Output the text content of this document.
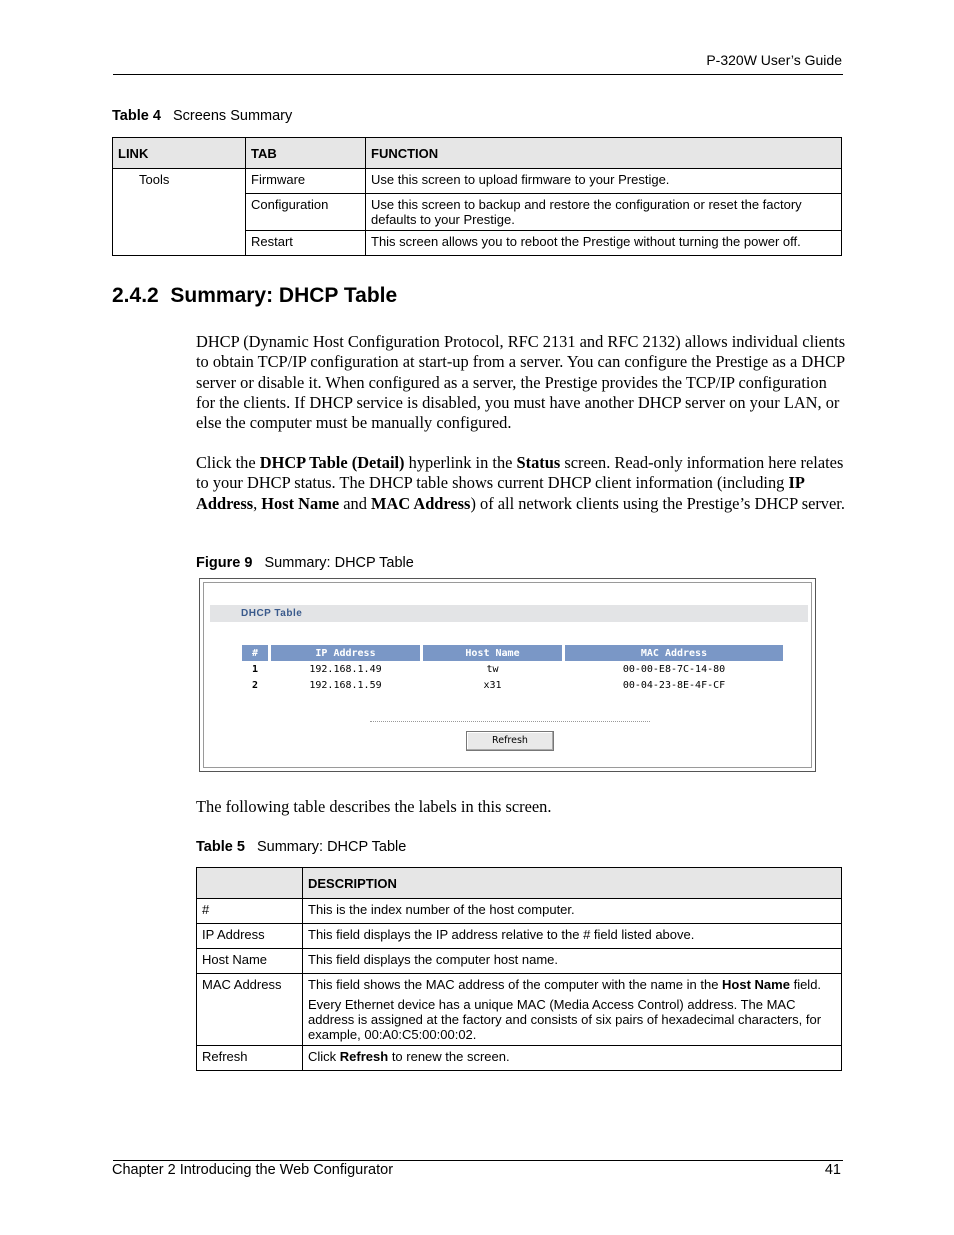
P-320W User’s Guide
Table 4 Screens Summary
LINK	TAB	FUNCTION
Tools	Firmware	Use this screen to upload firmware to your Prestige.
	Configuration	Use this screen to backup and restore the configuration or reset the factory defaults to your Prestige.
	Restart	This screen allows you to reboot the Prestige without turning the power off.
2.4.2 Summary: DHCP Table
DHCP (Dynamic Host Configuration Protocol, RFC 2131 and RFC 2132) allows individual clients to obtain TCP/IP configuration at start-up from a server. You can configure the Prestige as a DHCP server or disable it. When configured as a server, the Prestige provides the TCP/IP configuration for the clients. If DHCP service is disabled, you must have another DHCP server on your LAN, or else the computer must be manually configured.
Click the DHCP Table (Detail) hyperlink in the Status screen. Read-only information here relates to your DHCP status. The DHCP table shows current DHCP client information (including IP Address, Host Name and MAC Address) of all network clients using the Prestige’s DHCP server.
Figure 9 Summary: DHCP Table
DHCP Table
#	IP Address	Host Name	MAC Address
1	192.168.1.49	tw	00-00-E8-7C-14-80
2	192.168.1.59	x31	00-04-23-8E-4F-CF
Refresh
The following table describes the labels in this screen.
Table 5 Summary: DHCP Table
	DESCRIPTION
#	This is the index number of the host computer.
IP Address	This field displays the IP address relative to the # field listed above.
Host Name	This field displays the computer host name.
MAC Address	This field shows the MAC address of the computer with the name in the Host Name field.
Every Ethernet device has a unique MAC (Media Access Control) address. The MAC address is assigned at the factory and consists of six pairs of hexadecimal characters, for example, 00:A0:C5:00:00:02.

Refresh	Click Refresh to renew the screen.
Chapter 2 Introducing the Web Configurator	41
